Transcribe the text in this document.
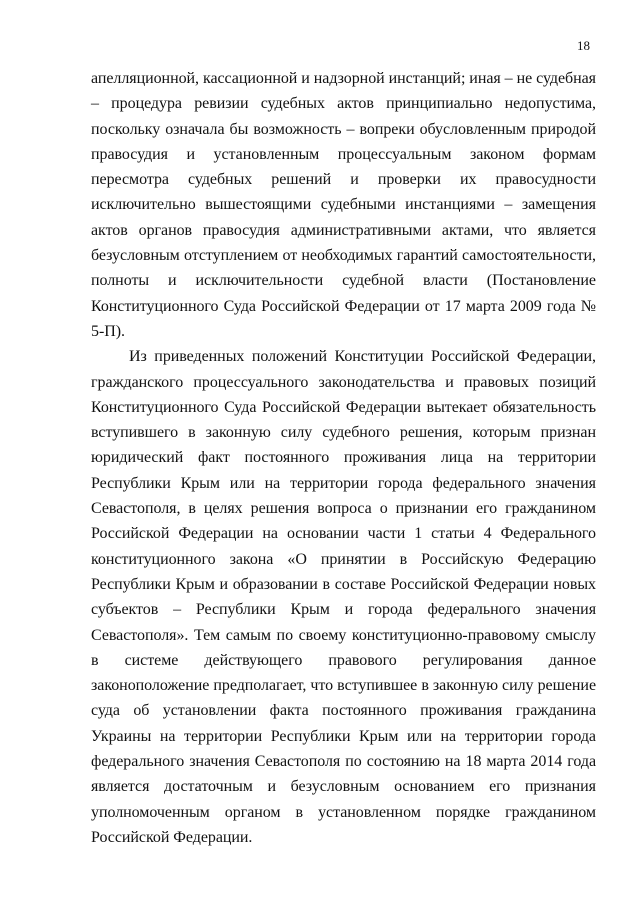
18

апелляционной, кассационной и надзорной инстанций; иная – не судебная – процедура ревизии судебных актов принципиально недопустима, поскольку означала бы возможность – вопреки обусловленным природой правосудия и установленным процессуальным законом формам пересмотра судебных решений и проверки их правосудности исключительно вышестоящими судебными инстанциями – замещения актов органов правосудия административными актами, что является безусловным отступлением от необходимых гарантий самостоятельности, полноты и исключительности судебной власти (Постановление Конституционного Суда Российской Федерации от 17 марта 2009 года № 5-П).

Из приведенных положений Конституции Российской Федерации, гражданского процессуального законодательства и правовых позиций Конституционного Суда Российской Федерации вытекает обязательность вступившего в законную силу судебного решения, которым признан юридический факт постоянного проживания лица на территории Республики Крым или на территории города федерального значения Севастополя, в целях решения вопроса о признании его гражданином Российской Федерации на основании части 1 статьи 4 Федерального конституционного закона «О принятии в Российскую Федерацию Республики Крым и образовании в составе Российской Федерации новых субъектов – Республики Крым и города федерального значения Севастополя». Тем самым по своему конституционно-правовому смыслу в системе действующего правового регулирования данное законоположение предполагает, что вступившее в законную силу решение суда об установлении факта постоянного проживания гражданина Украины на территории Республики Крым или на территории города федерального значения Севастополя по состоянию на 18 марта 2014 года является достаточным и безусловным основанием его признания уполномоченным органом в установленном порядке гражданином Российской Федерации.
